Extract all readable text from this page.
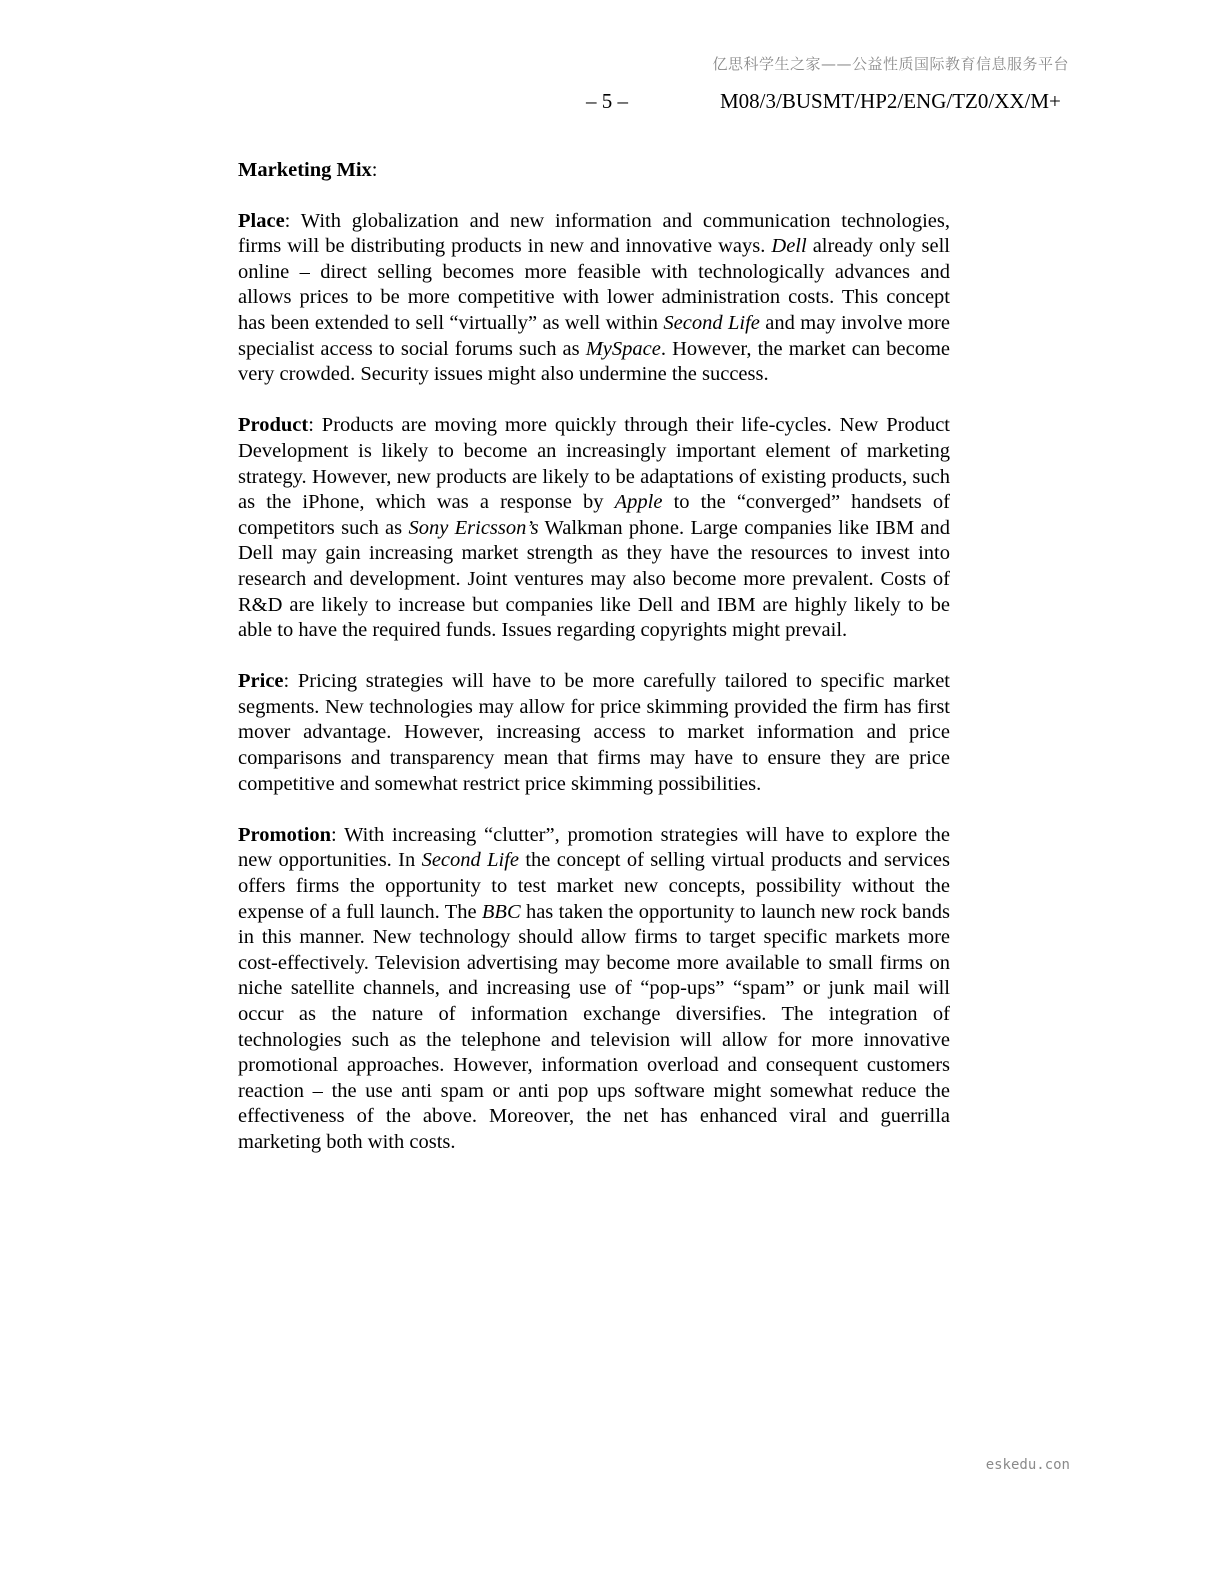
亿思科学生之家——公益性质国际教育信息服务平台
– 5 –	M08/3/BUSMT/HP2/ENG/TZ0/XX/M+
Marketing Mix:

Place: With globalization and new information and communication technologies, firms will be distributing products in new and innovative ways. Dell already only sell online – direct selling becomes more feasible with technologically advances and allows prices to be more competitive with lower administration costs. This concept has been extended to sell “virtually” as well within Second Life and may involve more specialist access to social forums such as MySpace. However, the market can become very crowded. Security issues might also undermine the success.

Product: Products are moving more quickly through their life-cycles. New Product Development is likely to become an increasingly important element of marketing strategy. However, new products are likely to be adaptations of existing products, such as the iPhone, which was a response by Apple to the “converged” handsets of competitors such as Sony Ericsson’s Walkman phone. Large companies like IBM and Dell may gain increasing market strength as they have the resources to invest into research and development. Joint ventures may also become more prevalent. Costs of R&D are likely to increase but companies like Dell and IBM are highly likely to be able to have the required funds. Issues regarding copyrights might prevail.

Price: Pricing strategies will have to be more carefully tailored to specific market segments. New technologies may allow for price skimming provided the firm has first mover advantage. However, increasing access to market information and price comparisons and transparency mean that firms may have to ensure they are price competitive and somewhat restrict price skimming possibilities.

Promotion: With increasing “clutter”, promotion strategies will have to explore the new opportunities. In Second Life the concept of selling virtual products and services offers firms the opportunity to test market new concepts, possibility without the expense of a full launch. The BBC has taken the opportunity to launch new rock bands in this manner. New technology should allow firms to target specific markets more cost-effectively. Television advertising may become more available to small firms on niche satellite channels, and increasing use of “pop-ups” “spam” or junk mail will occur as the nature of information exchange diversifies. The integration of technologies such as the telephone and television will allow for more innovative promotional approaches. However, information overload and consequent customers reaction – the use anti spam or anti pop ups software might somewhat reduce the effectiveness of the above. Moreover, the net has enhanced viral and guerrilla marketing both with costs.

eskedu.con
